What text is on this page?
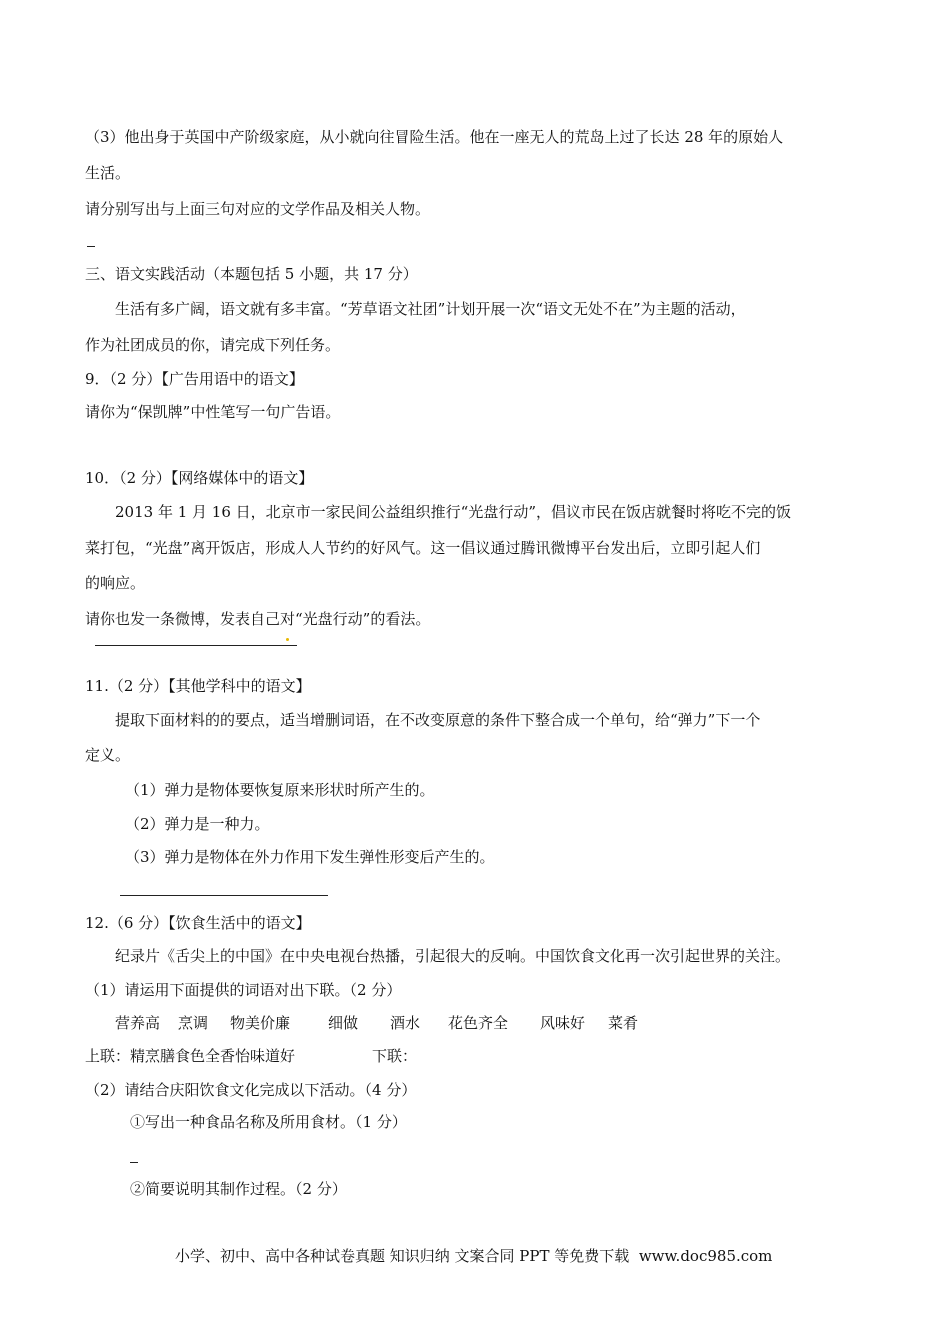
（3）他出身于英国中产阶级家庭，从小就向往冒险生活。他在一座无人的荒岛上过了长达 28 年的原始人
生活。
请分别写出与上面三句对应的文学作品及相关人物。
三、语文实践活动（本题包括 5 小题，共 17 分）
生活有多广阔，语文就有多丰富。“芳草语文社团”计划开展一次“语文无处不在”为主题的活动，
作为社团成员的你，请完成下列任务。
9．（2 分）【广告用语中的语文】
请你为“保凯牌”中性笔写一句广告语。
10．（2 分）【网络媒体中的语文】
2013 年 1 月 16 日，北京市一家民间公益组织推行“光盘行动”，倡议市民在饭店就餐时将吃不完的饭
菜打包，“光盘”离开饭店，形成人人节约的好风气。这一倡议通过腾讯微博平台发出后，立即引起人们
的响应。
请你也发一条微博，发表自己对“光盘行动”的看法。
11.（2 分）【其他学科中的语文】
提取下面材料的的要点，适当增删词语，在不改变原意的条件下整合成一个单句，给“弹力”下一个
定义。
（1）弹力是物体要恢复原来形状时所产生的。
（2）弹力是一种力。
（3）弹力是物体在外力作用下发生弹性形变后产生的。
12.（6 分）【饮食生活中的语文】
纪录片《舌尖上的中国》在中央电视台热播，引起很大的反响。中国饮食文化再一次引起世界的关注。
（1）请运用下面提供的词语对出下联。（2 分）
营养高 烹调 物美价廉	细做 酒水 花色齐全 风味好 菜肴
上联：精烹膳食色全香怡味道好	下联：
（2）请结合庆阳饮食文化完成以下活动。（4 分）
①写出一种食品名称及所用食材。（1 分）
②简要说明其制作过程。（2 分）
小学、初中、高中各种试卷真题 知识归纳 文案合同 PPT 等免费下载 www.doc985.com
